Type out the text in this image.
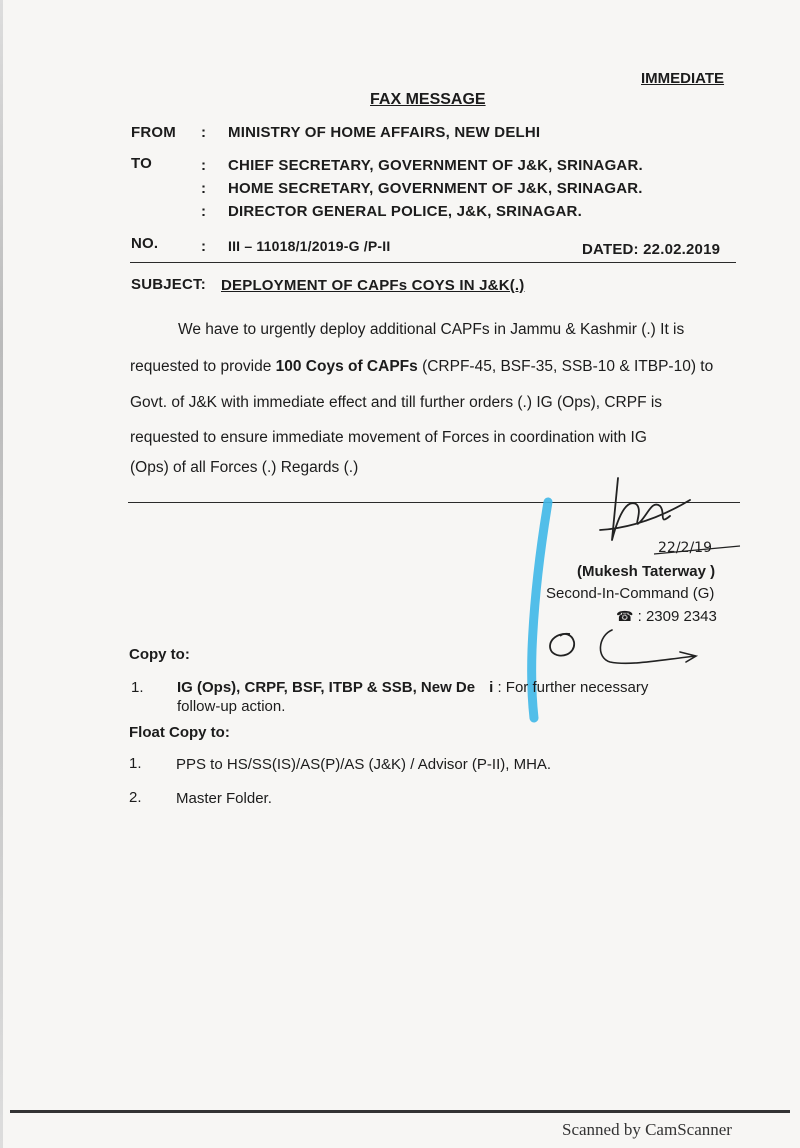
IMMEDIATE
FAX MESSAGE
FROM : MINISTRY OF HOME AFFAIRS, NEW DELHI
TO	: CHIEF SECRETARY, GOVERNMENT OF J&K, SRINAGAR.
: HOME SECRETARY, GOVERNMENT OF J&K, SRINAGAR.
: DIRECTOR GENERAL POLICE, J&K, SRINAGAR.
NO.	: III – 11018/1/2019-G /P-II	DATED: 22.02.2019
SUBJECT: DEPLOYMENT OF CAPFs COYS IN J&K(.)
We have to urgently deploy additional CAPFs in Jammu & Kashmir (.) It is
requested to provide 100 Coys of CAPFs (CRPF-45, BSF-35, SSB-10 & ITBP-10) to
Govt. of J&K with immediate effect and till further orders (.) IG (Ops), CRPF is
requested to ensure immediate movement of Forces in coordination with IG
(Ops) of all Forces (.) Regards (.)
22/2/19
(Mukesh Taterway )
Second-In-Command (G)
☎ : 2309 2343
Copy to:
1. IG (Ops), CRPF, BSF, ITBP & SSB, New De i : For further necessary
follow-up action.
Float Copy to:
1. PPS to HS/SS(IS)/AS(P)/AS (J&K) / Advisor (P-II), MHA.
2. Master Folder.
Scanned by CamScanner
